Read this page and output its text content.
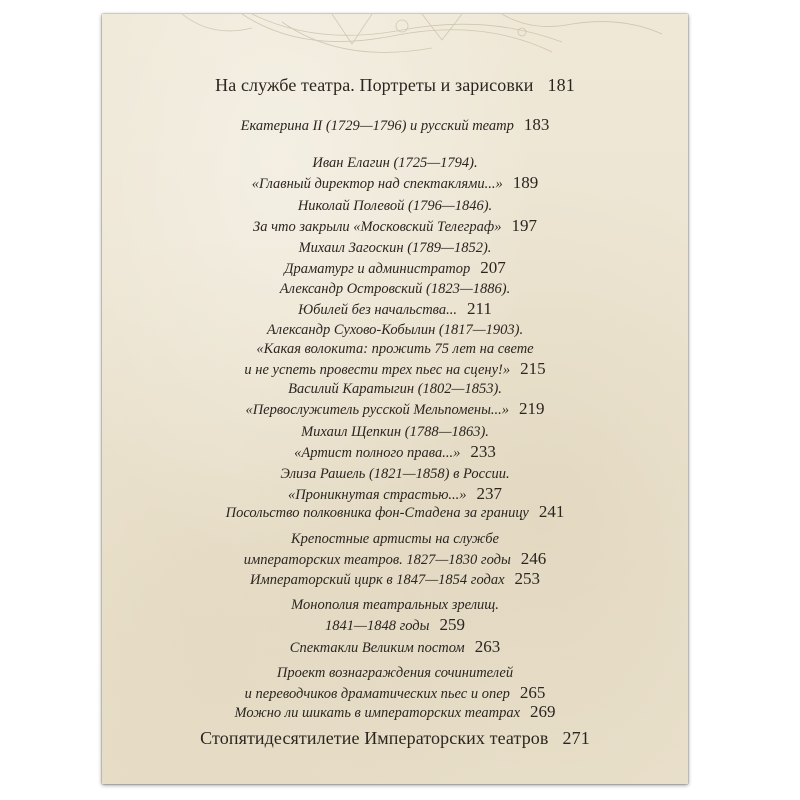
На службе театра. Портреты и зарисовки 181
Екатерина II (1729—1796) и русский театр 183
Иван Елагин (1725—1794).
«Главный директор над спектаклями...» 189
Николай Полевой (1796—1846).
За что закрыли «Московский Телеграф» 197
Михаил Загоскин (1789—1852).
Драматург и администратор 207
Александр Островский (1823—1886).
Юбилей без начальства... 211
Александр Сухово-Кобылин (1817—1903).
«Какая волокита: прожить 75 лет на свете
и не успеть провести трех пьес на сцену!» 215
Василий Каратыгин (1802—1853).
«Первослужитель русской Мельпомены...» 219
Михаил Щепкин (1788—1863).
«Артист полного права...» 233
Элиза Рашель (1821—1858) в России.
«Проникнутая страстью...» 237
Посольство полковника фон-Стадена за границу 241
Крепостные артисты на службе
императорских театров. 1827—1830 годы 246
Императорский цирк в 1847—1854 годах 253
Монополия театральных зрелищ.
1841—1848 годы 259
Спектакли Великим постом 263
Проект вознаграждения сочинителей
и переводчиков драматических пьес и опер 265
Можно ли шикать в императорских театрах 269
Стопятидесятилетие Императорских театров 271
